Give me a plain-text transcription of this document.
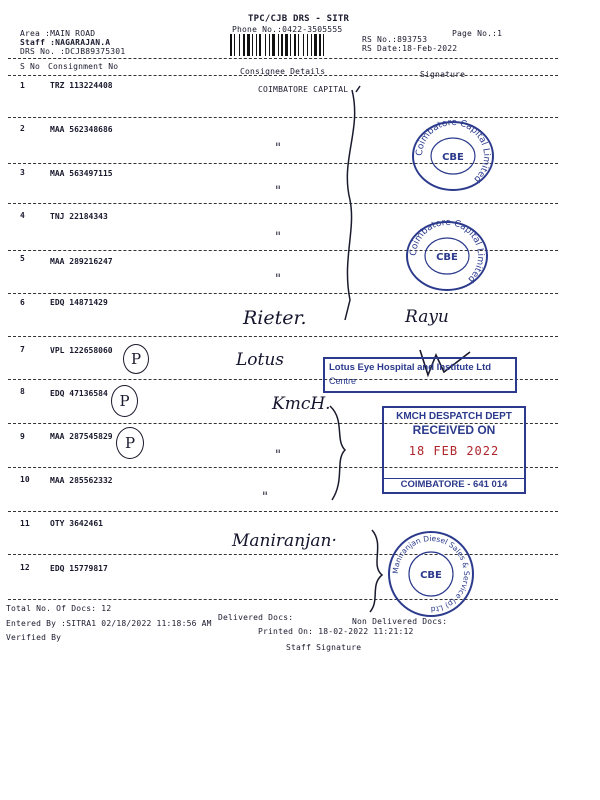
TPC/CJB DRS - SITR
Phone No.:0422-3505555
Area :MAIN ROAD
Staff :NAGARAJAN.A
DRS No. :DCJB89375301
RS No.:893753
RS Date:18-Feb-2022
Page No.:1
S No Consignment No
Consignee Details	Signature
1	TRZ 113224408	COIMBATORE CAPITAL
2	MAA 562348686
"
3	MAA 563497115
"
4	TNJ 22184343
"
5	MAA 289216247
"
6	EDQ 14871429
Rieter.	Rayu
7	VPL 122658060	Lotus
8	EDQ 47136584
KmcH.
9	MAA 287545829
"
10	MAA 285562332
"
11	OTY 3642461
Maniranjan·
12	EDQ 15779817
P
P
P
Coimbatore Capital Limited
CBE
Coimbatore Capital Limited
CBE
Lotus Eye Hospital and Institute Ltd
Centre
KMCH DESPATCH DEPT
RECEIVED ON
18 FEB 2022
COIMBATORE - 641 014
Maniranjan Diesel Sales & Service (p) Ltd
CBE
Total No. Of Docs: 12
Delivered Docs:	Non Delivered Docs:
Entered By :SITRA1 02/18/2022 11:18:56 AM
Printed On: 18-02-2022 11:21:12
Verified By
Staff Signature
